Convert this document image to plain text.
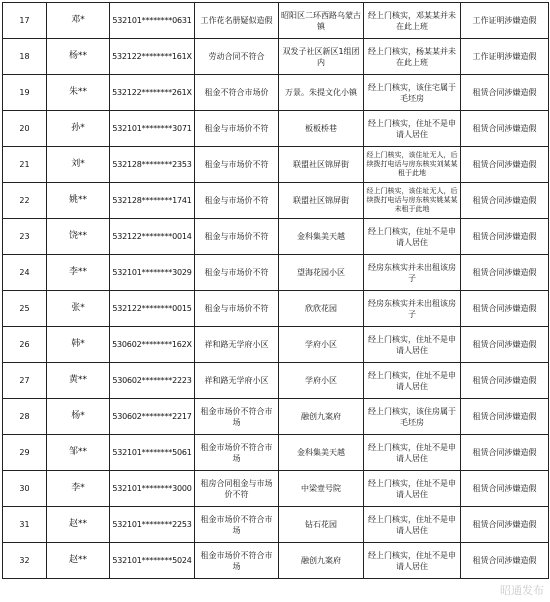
17	邓*	532101********0631	工作花名册疑似造假	昭阳区二环西路乌蒙古镇	经上门核实，邓某某并未在此上班	工作证明涉嫌造假
18	杨**	532122********161X	劳动合同不符合	双发子社区新区1组团内	经上门核实，杨某某并未在此上班	工作证明涉嫌造假
19	朱**	532122********261X	租金不符合市场价	万景。朱提文化小镇	经上门核实，该住宅属于毛坯房	租赁合同涉嫌造假
20	孙*	532101********3071	租金与市场价不符	板板桥巷	经上门核实，住址不是申请人居住	租赁合同涉嫌造假
21	刘*	532128********2353	租金与市场价不符	联盟社区锦屏街	经上门核实，该住址无人，后续拨打电话与房东核实刘某某租于此地	租赁合同涉嫌造假
22	姚**	532128********1741	租金与市场价不符	联盟社区锦屏街	经上门核实，该住址无人，后续拨打电话与房东核实姚某某未租于此地	租赁合同涉嫌造假
23	饶**	532122********0014	租金与市场价不符	金科集美天越	经上门核实，住址不是申请人居住	租赁合同涉嫌造假
24	李**	532101********3029	租金与市场价不符	望海花园小区	经房东核实并未出租该房子	租赁合同涉嫌造假
25	张*	532122********0015	租金与市场价不符	欣欣花园	经房东核实并未出租该房子	租赁合同涉嫌造假
26	韩*	530602********162X	祥和路无学府小区	学府小区	经上门核实，住址不是申请人居住	租赁合同涉嫌造假
27	黄**	530602********2223	祥和路无学府小区	学府小区	经上门核实，住址不是申请人居住	租赁合同涉嫌造假
28	杨*	530602********2217	租金市场价不符合市场	融创九案府	经上门核实，该住房属于毛坯房	租赁合同涉嫌造假
29	邹**	532101********5061	租金市场价不符合市场	金科集美天越	经上门核实，住址不是申请人居住	租赁合同涉嫌造假
30	李*	532101********3000	租房合同租金与市场价不符	中梁壹号院	经上门核实，住址不是申请人居住	租赁合同涉嫌造假
31	赵**	532101********2253	租金市场价不符合市场	钻石花园	经上门核实，住址不是申请人居住	租赁合同涉嫌造假
32	赵**	532101********5024	租金市场价不符合市场	融创九案府	经上门核实，住址不是申请人居住	租赁合同涉嫌造假
昭通发布
